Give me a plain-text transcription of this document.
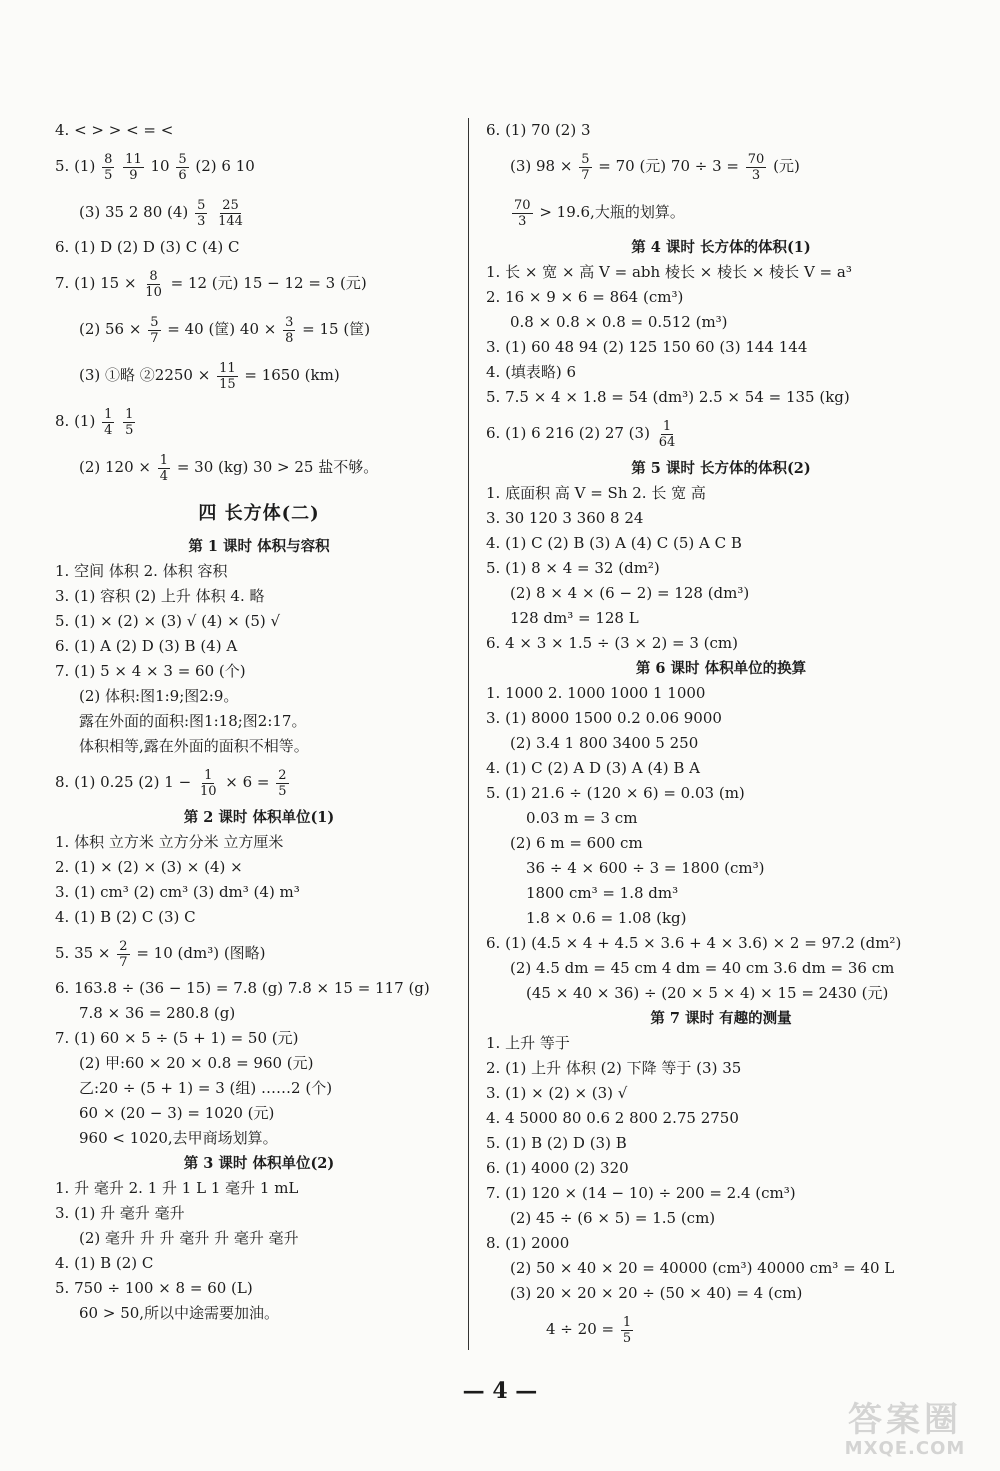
4. < > > < = <
5. $(1) \frac{8}{5}$
$\frac{11}{9} 10 \frac{5}{6} (2)$ 6 10
(3) 35 2 80 $(4) \frac{5}{3}$
$\frac{25}{144}$
6. (1) D (2) D (3) C (4) C
7. (1) $15 \times \frac{8}{10} = 12$ (元) 15 − 12 = 3 (元)
(2) $56 \times \frac{5}{7} = 40$ (筐) $40 \times \frac{3}{8} = 15$ (筐)
(3) ①略 ②2250 × $\frac{11}{15} = 1650$ (km)
8. $(1) \frac{1}{4}$
$\frac{1}{5}$
(2) $120 \times \frac{1}{4} = 30$ (kg) 30 > 25 盐不够。
四 长方体(二)
第 1 课时 体积与容积
1. 空间 体积 2. 体积 容积
3. (1) 容积 (2) 上升 体积 4. 略
5. (1) × (2) × (3) √ (4) × (5) √
6. (1) A (2) D (3) B (4) A
7. (1) 5 × 4 × 3 = 60 (个)
(2) 体积:图1:9;图2:9。
露在外面的面积:图1:18;图2:17。
体积相等,露在外面的面积不相等。
8. (1) 0.25 (2) $1 - \frac{1}{10} \times 6 = \frac{2}{5}$
第 2 课时 体积单位(1)
1. 体积 立方米 立方分米 立方厘米
2. (1) × (2) × (3) × (4) ×
3. (1) cm³ (2) cm³ (3) dm³ (4) m³
4. (1) B (2) C (3) C
5. $35 \times \frac{2}{7} = 10$ (dm³) (图略)
6. 163.8 ÷ (36 − 15) = 7.8 (g) 7.8 × 15 = 117 (g)
7.8 × 36 = 280.8 (g)
7. (1) 60 × 5 ÷ (5 + 1) = 50 (元)
(2) 甲:60 × 20 × 0.8 = 960 (元)
乙:20 ÷ (5 + 1) = 3 (组) ……2 (个)
60 × (20 − 3) = 1020 (元)
960 < 1020,去甲商场划算。
第 3 课时 体积单位(2)
1. 升 毫升 2. 1 升 1 L 1 毫升 1 mL
3. (1) 升 毫升 毫升
(2) 毫升 升 升 毫升 升 毫升 毫升
4. (1) B (2) C
5. 750 ÷ 100 × 8 = 60 (L)
60 > 50,所以中途需要加油。
6. (1) 70 (2) 3
(3) $98 \times \frac{5}{7} = 70$ (元) $70 \div 3 = \frac{70}{3}$ (元)
$\frac{70}{3} > 19.6$,大瓶的划算。
第 4 课时 长方体的体积(1)
1. 长 × 宽 × 高 V = abh 棱长 × 棱长 × 棱长 V = a³
2. 16 × 9 × 6 = 864 (cm³)
0.8 × 0.8 × 0.8 = 0.512 (m³)
3. (1) 60 48 94 (2) 125 150 60 (3) 144 144
4. (填表略) 6
5. 7.5 × 4 × 1.8 = 54 (dm³) 2.5 × 54 = 135 (kg)
6. (1) 6 216 (2) 27 $(3) \frac{1}{64}$
第 5 课时 长方体的体积(2)
1. 底面积 高 V = Sh 2. 长 宽 高
3. 30 120 3 360 8 24
4. (1) C (2) B (3) A (4) C (5) A C B
5. (1) 8 × 4 = 32 (dm²)
(2) 8 × 4 × (6 − 2) = 128 (dm³)
128 dm³ = 128 L
6. 4 × 3 × 1.5 ÷ (3 × 2) = 3 (cm)
第 6 课时 体积单位的换算
1. 1000 2. 1000 1000 1 1000
3. (1) 8000 1500 0.2 0.06 9000
(2) 3.4 1 800 3400 5 250
4. (1) C (2) A D (3) A (4) B A
5. (1) 21.6 ÷ (120 × 6) = 0.03 (m)
0.03 m = 3 cm
(2) 6 m = 600 cm
36 ÷ 4 × 600 ÷ 3 = 1800 (cm³)
1800 cm³ = 1.8 dm³
1.8 × 0.6 = 1.08 (kg)
6. (1) (4.5 × 4 + 4.5 × 3.6 + 4 × 3.6) × 2 = 97.2 (dm²)
(2) 4.5 dm = 45 cm 4 dm = 40 cm 3.6 dm = 36 cm
(45 × 40 × 36) ÷ (20 × 5 × 4) × 15 = 2430 (元)
第 7 课时 有趣的测量
1. 上升 等于
2. (1) 上升 体积 (2) 下降 等于 (3) 35
3. (1) × (2) × (3) √
4. 4 5000 80 0.6 2 800 2.75 2750
5. (1) B (2) D (3) B
6. (1) 4000 (2) 320
7. (1) 120 × (14 − 10) ÷ 200 = 2.4 (cm³)
(2) 45 ÷ (6 × 5) = 1.5 (cm)
8. (1) 2000
(2) 50 × 40 × 20 = 40000 (cm³) 40000 cm³ = 40 L
(3) 20 × 20 × 20 ÷ (50 × 40) = 4 (cm)
$4 \div 20 = \frac{1}{5}$
— 4 —
答案圈
MXQE.COM
